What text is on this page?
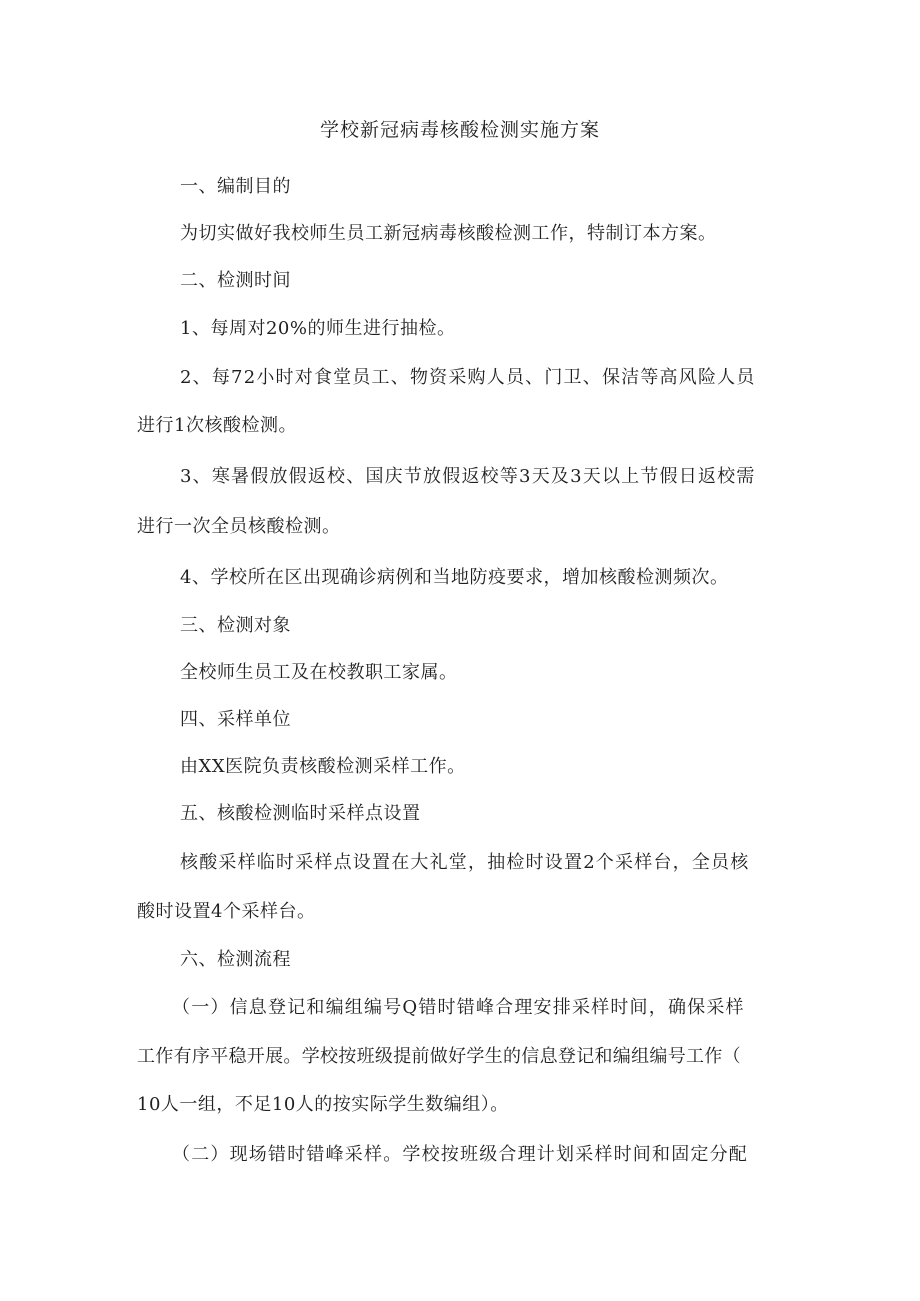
学校新冠病毒核酸检测实施方案
一、编制目的
为切实做好我校师生员工新冠病毒核酸检测工作，特制订本方案。
二、检测时间
1、每周对20%的师生进行抽检。
2、每72小时对食堂员工、物资采购人员、门卫、保洁等高风险人员
进行1次核酸检测。
3、寒暑假放假返校、国庆节放假返校等3天及3天以上节假日返校需
进行一次全员核酸检测。
4、学校所在区出现确诊病例和当地防疫要求，增加核酸检测频次。
三、检测对象
全校师生员工及在校教职工家属。
四、采样单位
由XX医院负责核酸检测采样工作。
五、核酸检测临时采样点设置
核酸采样临时采样点设置在大礼堂，抽检时设置2个采样台，全员核
酸时设置4个采样台。
六、检测流程
（一）信息登记和编组编号Q错时错峰合理安排采样时间，确保采样
工作有序平稳开展。学校按班级提前做好学生的信息登记和编组编号工作（
10人一组，不足10人的按实际学生数编组）。
（二）现场错时错峰采样。学校按班级合理计划采样时间和固定分配
